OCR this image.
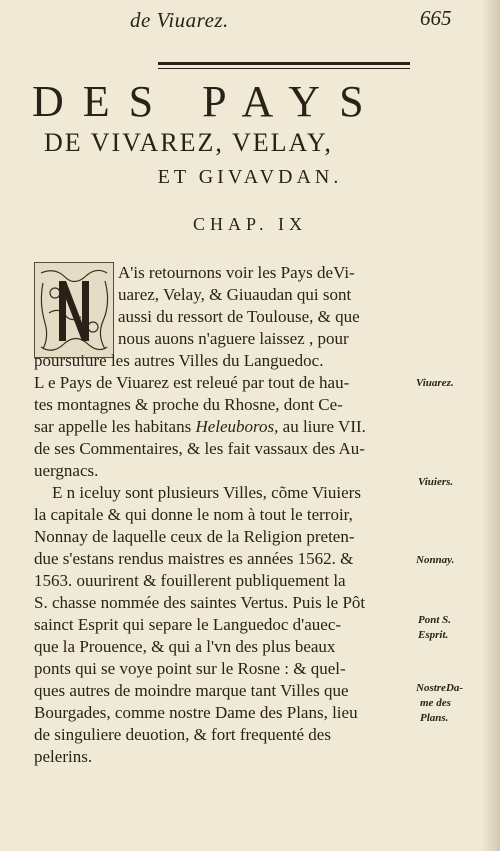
de Viuarez.	665
DES PAYS
DE VIVAREZ, VELAY,
ET GIVAVDAN.
CHAP. IX
A'is retournons voir les Pays deVi-
uarez, Velay, & Giuaudan qui sont
aussi du ressort de Toulouse, & que
nous auons n'aguere laissez , pour
poursuiure les autres Villes du Languedoc.
L e Pays de Viuarez est releué par tout de hau-
tes montagnes & proche du Rhosne, dont Ce-
sar appelle les habitans Heleuboros, au liure VII.
de ses Commentaires, & les fait vassaux des Au-
uergnacs.
E n iceluy sont plusieurs Villes, cõme Viuiers
la capitale & qui donne le nom à tout le terroir,
Nonnay de laquelle ceux de la Religion preten-
due s'estans rendus maistres es années 1562. &
1563. ouurirent & fouillerent publiquement la
S. chasse nommée des saintes Vertus. Puis le Pôt
sainct Esprit qui separe le Languedoc d'auec-
que la Prouence, & qui a l'vn des plus beaux
ponts qui se voye point sur le Rosne : & quel-
ques autres de moindre marque tant Villes que
Bourgades, comme nostre Dame des Plans, lieu
de singuliere deuotion, & fort frequenté des
pelerins.
Viuarez.
Viuiers.
Nonnay.
Pont S.
Esprit.
NostreDa-
me des
Plans.
